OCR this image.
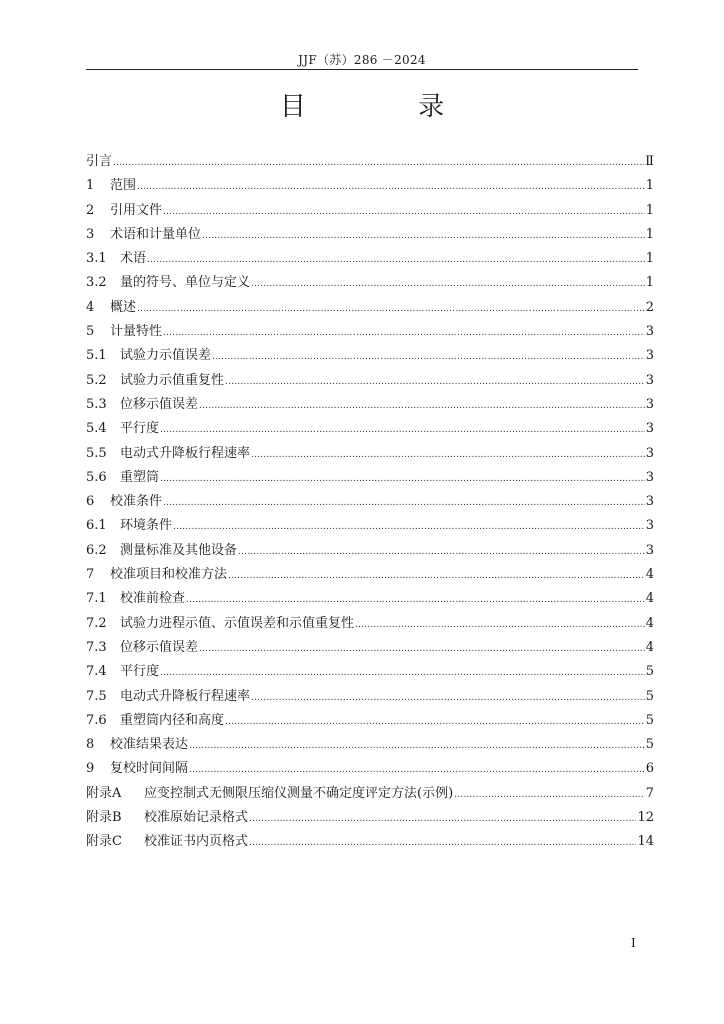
JJF（苏）286 －2024
目 录
引言 .....	Ⅱ
1	范围 .....	1
2	引用文件 .....	1
3	术语和计量单位 .....	1
3.1	术语 .....	1
3.2	量的符号、单位与定义 .....	1
4	概述 .....	2
5	计量特性 .....	3
5.1	试验力示值误差 .....	3
5.2	试验力示值重复性 .....	3
5.3	位移示值误差 .....	3
5.4	平行度 .....	3
5.5	电动式升降板行程速率 .....	3
5.6	重塑筒 .....	3
6	校准条件 .....	3
6.1	环境条件 .....	3
6.2	测量标准及其他设备 .....	3
7	校准项目和校准方法 .....	4
7.1	校准前检查 .....	4
7.2	试验力进程示值、示值误差和示值重复性 .....	4
7.3	位移示值误差 .....	4
7.4	平行度 .....	5
7.5	电动式升降板行程速率 .....	5
7.6	重塑筒内径和高度 .....	5
8	校准结果表达 .....	5
9	复校时间间隔 .....	6
附录A	应变控制式无侧限压缩仪测量不确定度评定方法(示例) .....	7
附录B	校准原始记录格式 .....	12
附录C	校准证书内页格式 .....	14
I
